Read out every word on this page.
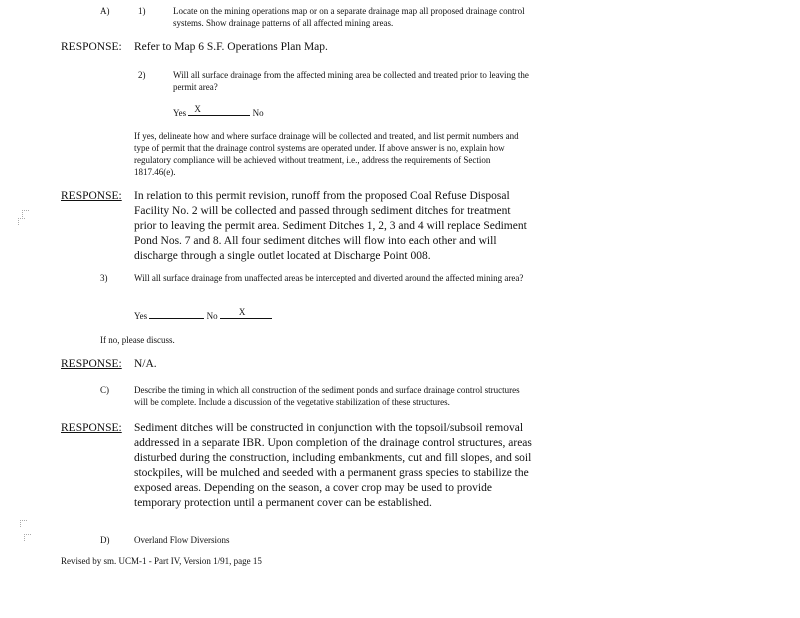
A)	1)	Locate on the mining operations map or on a separate drainage map all proposed drainage control systems. Show drainage patterns of all affected mining areas.
RESPONSE: Refer to Map 6 S.F. Operations Plan Map.
2)	Will all surface drainage from the affected mining area be collected and treated prior to leaving the permit area?
Yes X	No
If yes, delineate how and where surface drainage will be collected and treated, and list permit numbers and type of permit that the drainage control systems are operated under. If above answer is no, explain how regulatory compliance will be achieved without treatment, i.e., address the requirements of Section 1817.46(e).
RESPONSE: In relation to this permit revision, runoff from the proposed Coal Refuse Disposal Facility No. 2 will be collected and passed through sediment ditches for treatment prior to leaving the permit area. Sediment Ditches 1, 2, 3 and 4 will replace Sediment Pond Nos. 7 and 8. All four sediment ditches will flow into each other and will discharge through a single outlet located at Discharge Point 008.
3)	Will all surface drainage from unaffected areas be intercepted and diverted around the affected mining area?
Yes	No X
If no, please discuss.
RESPONSE: N/A.
C)	Describe the timing in which all construction of the sediment ponds and surface drainage control structures will be complete. Include a discussion of the vegetative stabilization of these structures.
RESPONSE: Sediment ditches will be constructed in conjunction with the topsoil/subsoil removal addressed in a separate IBR. Upon completion of the drainage control structures, areas disturbed during the construction, including embankments, cut and fill slopes, and soil stockpiles, will be mulched and seeded with a permanent grass species to stabilize the exposed areas. Depending on the season, a cover crop may be used to provide temporary protection until a permanent cover can be established.
D)	Overland Flow Diversions
Revised by sm. UCM-1 - Part IV, Version 1/91, page 15
